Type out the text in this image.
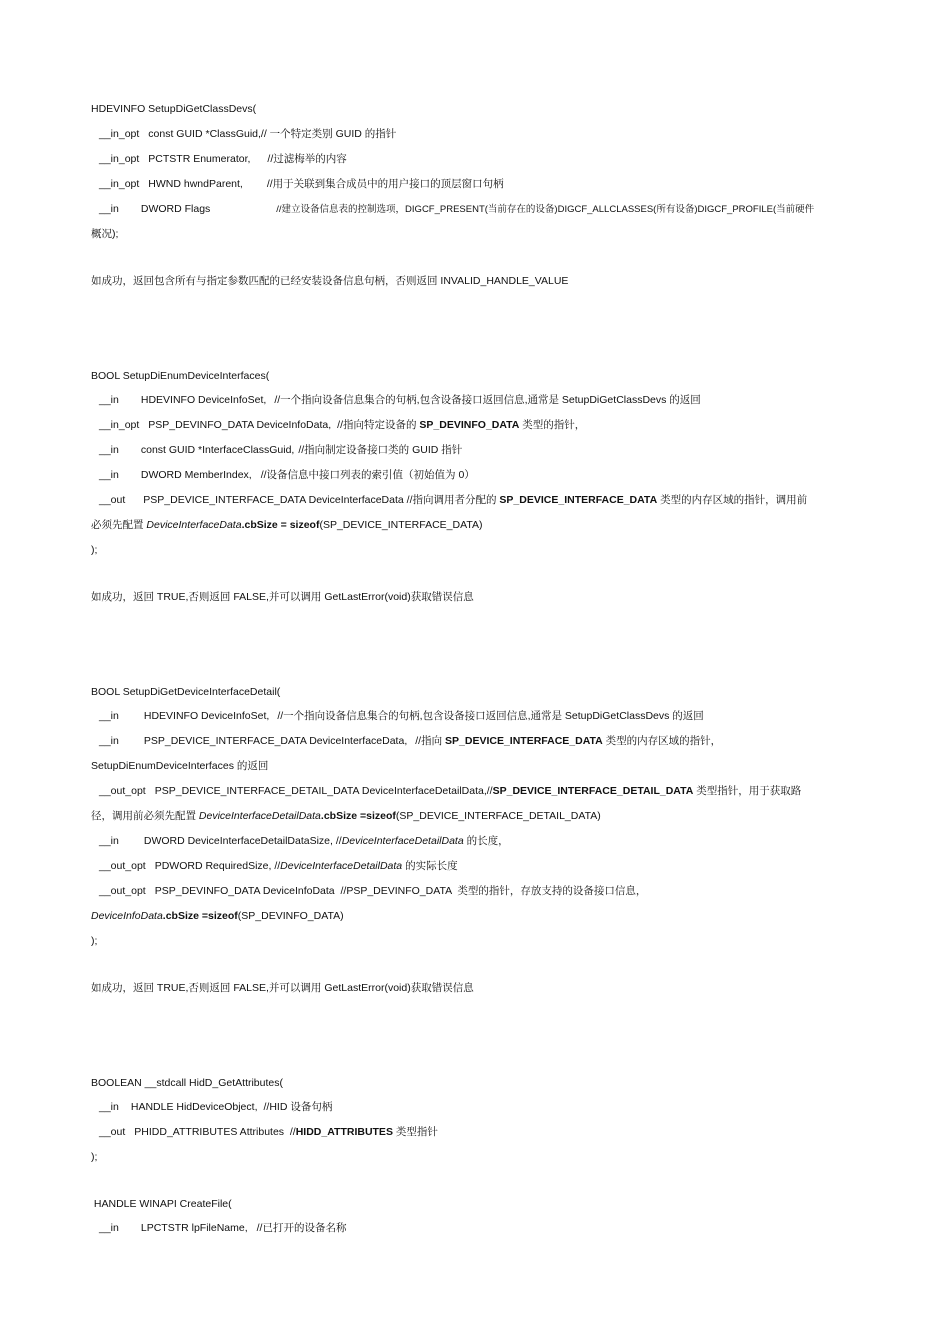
HDEVINFO SetupDiGetClassDevs(
__in_opt const GUID *ClassGuid,// 一个特定类别 GUID 的指针
__in_opt PCTSTR Enumerator, //过滤梅举的内容
__in_opt HWND hwndParent, //用于关联到集合成员中的用户接口的顶层窗口句柄
__in DWORD Flags	//建立设备信息表的控制选项，DIGCF_PRESENT(当前存在的设备)DIGCF_ALLCLASSES(所有设备)DIGCF_PROFILE(当前硬件
概况);
如成功，返回包含所有与指定参数匹配的已经安装设备信息句柄，否则返回 INVALID_HANDLE_VALUE
BOOL SetupDiEnumDeviceInterfaces(
__in HDEVINFO DeviceInfoSet, //一个指向设备信息集合的句柄,包含设备接口返回信息,通常是 SetupDiGetClassDevs 的返回
__in_opt PSP_DEVINFO_DATA DeviceInfoData, //指向特定设备的 SP_DEVINFO_DATA 类型的指针，
__in const GUID *InterfaceClassGuid, //指向制定设备接口类的 GUID 指针
__in DWORD MemberIndex, //设备信息中接口列表的索引值（初始值为 0）
__out PSP_DEVICE_INTERFACE_DATA DeviceInterfaceData //指向调用者分配的 SP_DEVICE_INTERFACE_DATA 类型的内存区域的指针，调用前
必须先配置 DeviceInterfaceData.cbSize = sizeof(SP_DEVICE_INTERFACE_DATA)
);
如成功，返回 TRUE,否则返回 FALSE,并可以调用 GetLastError(void)获取错误信息
BOOL SetupDiGetDeviceInterfaceDetail(
__in HDEVINFO DeviceInfoSet, //一个指向设备信息集合的句柄,包含设备接口返回信息,通常是 SetupDiGetClassDevs 的返回
__in PSP_DEVICE_INTERFACE_DATA DeviceInterfaceData, //指向 SP_DEVICE_INTERFACE_DATA 类型的内存区域的指针，
SetupDiEnumDeviceInterfaces 的返回
__out_opt PSP_DEVICE_INTERFACE_DETAIL_DATA DeviceInterfaceDetailData,//SP_DEVICE_INTERFACE_DETAIL_DATA 类型指针，用于获取路
径，调用前必须先配置 DeviceInterfaceDetailData.cbSize =sizeof(SP_DEVICE_INTERFACE_DETAIL_DATA)
__in DWORD DeviceInterfaceDetailDataSize, //DeviceInterfaceDetailData 的长度，
__out_opt PDWORD RequiredSize, //DeviceInterfaceDetailData 的实际长度
__out_opt PSP_DEVINFO_DATA DeviceInfoData  //PSP_DEVINFO_DATA  类型的指针，存放支持的设备接口信息，
DeviceInfoData.cbSize =sizeof(SP_DEVINFO_DATA)
);
如成功，返回 TRUE,否则返回 FALSE,并可以调用 GetLastError(void)获取错误信息
BOOLEAN __stdcall HidD_GetAttributes(
__in HANDLE HidDeviceObject, //HID 设备句柄
__out PHIDD_ATTRIBUTES Attributes  //HIDD_ATTRIBUTES 类型指针
);
HANDLE WINAPI CreateFile(
__in LPCTSTR lpFileName, //已打开的设备名称
